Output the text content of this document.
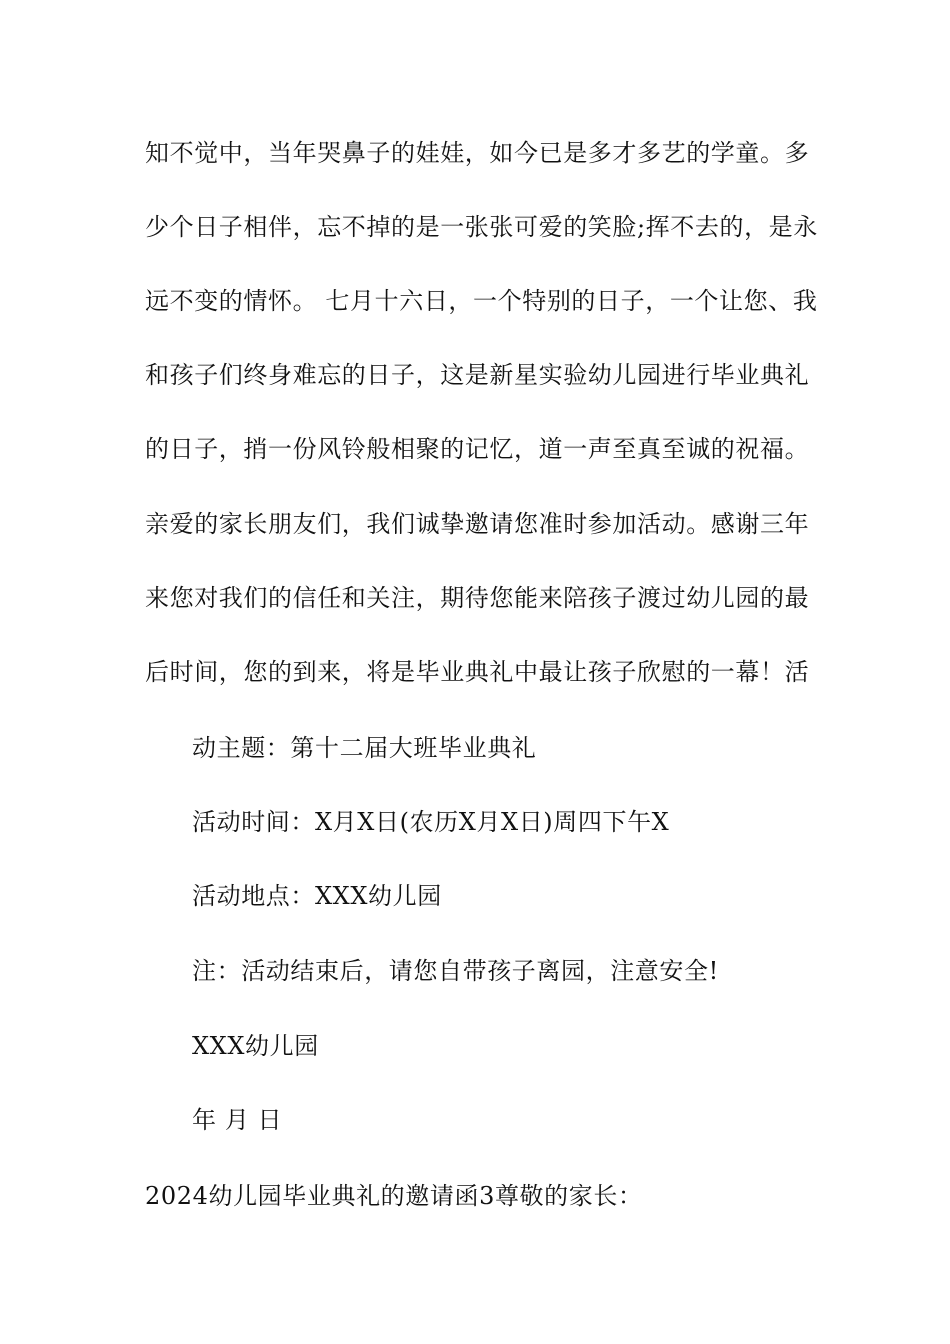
知不觉中，当年哭鼻子的娃娃，如今已是多才多艺的学童。多
少个日子相伴，忘不掉的是一张张可爱的笑脸;挥不去的，是永
远不变的情怀。 七月十六日，一个特别的日子，一个让您、我
和孩子们终身难忘的日子，这是新星实验幼儿园进行毕业典礼
的日子，捎一份风铃般相聚的记忆，道一声至真至诚的祝福。
亲爱的家长朋友们，我们诚挚邀请您准时参加活动。感谢三年
来您对我们的信任和关注，期待您能来陪孩子渡过幼儿园的最
后时间，您的到来，将是毕业典礼中最让孩子欣慰的一幕！活
动主题：第十二届大班毕业典礼
活动时间：X月X日(农历X月X日)周四下午X
活动地点：XXX幼儿园
注：活动结束后，请您自带孩子离园，注意安全!
XXX幼儿园
年 月 日
2024幼儿园毕业典礼的邀请函3尊敬的家长：
